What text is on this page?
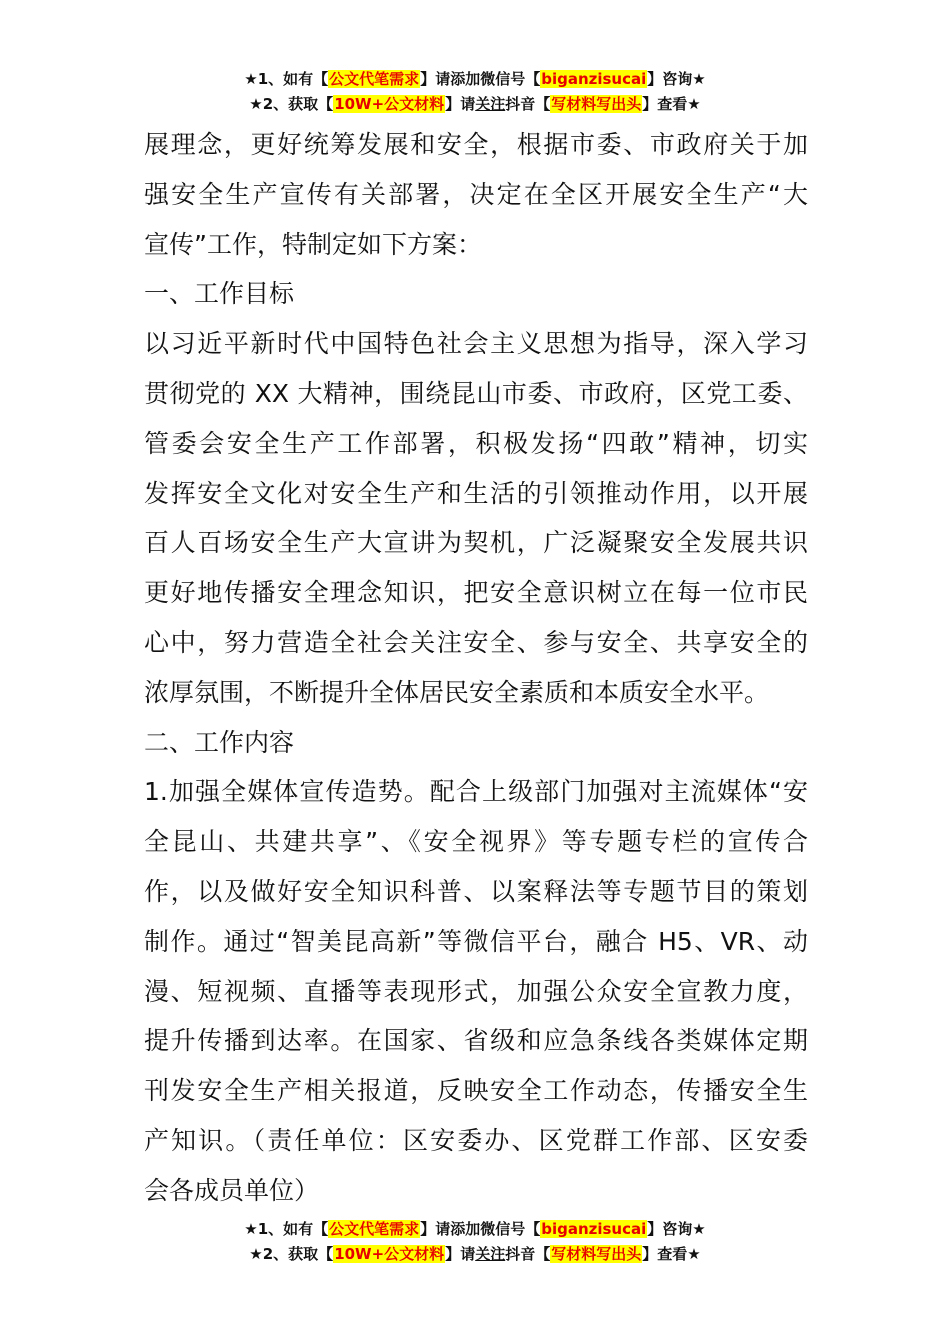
★1、如有【公文代笔需求】请添加微信号【biganzisucai】咨询★
★2、获取【10W+公文材料】请关注抖音【写材料写出头】查看★
展理念，更好统筹发展和安全，根据市委、市政府关于加
强安全生产宣传有关部署，决定在全区开展安全生产“大
宣传”工作，特制定如下方案：
一、工作目标
以习近平新时代中国特色社会主义思想为指导，深入学习
贯彻党的 XX 大精神，围绕昆山市委、市政府，区党工委、
管委会安全生产工作部署，积极发扬“四敢”精神，切实
发挥安全文化对安全生产和生活的引领推动作用，以开展
百人百场安全生产大宣讲为契机，广泛凝聚安全发展共识
更好地传播安全理念知识，把安全意识树立在每一位市民
心中，努力营造全社会关注安全、参与安全、共享安全的
浓厚氛围，不断提升全体居民安全素质和本质安全水平。
二、工作内容
1.加强全媒体宣传造势。配合上级部门加强对主流媒体“安
全昆山、共建共享”、《安全视界》等专题专栏的宣传合
作，以及做好安全知识科普、以案释法等专题节目的策划
制作。通过“智美昆高新”等微信平台，融合 H5、VR、动
漫、短视频、直播等表现形式，加强公众安全宣教力度，
提升传播到达率。在国家、省级和应急条线各类媒体定期
刊发安全生产相关报道，反映安全工作动态，传播安全生
产知识。（责任单位：区安委办、区党群工作部、区安委
会各成员单位）
★1、如有【公文代笔需求】请添加微信号【biganzisucai】咨询★
★2、获取【10W+公文材料】请关注抖音【写材料写出头】查看★
